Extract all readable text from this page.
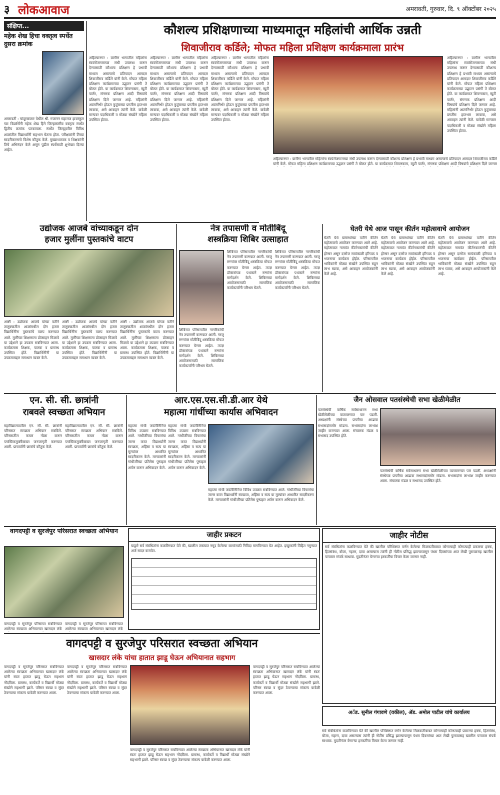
३ लोकआवाज	अमरावती, गुरुवार, दि. ९ ऑक्टोंबर २०२५
संक्षिप्त...
महेक शेख हिचा वक्तृत्व स्पर्धेत
दुसरा क्रमांक
अमरावती : चांदूरबाजार येथील श्री. गजानन महाराज हायस्कूल च्या विद्यार्थिनी महेक शेख हिने जिल्हास्तरीय वक्तृत्व स्पर्धेत द्वितीय क्रमांक पटकावला. स्पर्धेत जिल्ह्यातील विविध शाळांतील विद्यार्थ्यांनी सहभाग घेतला होता. परीक्षकांनी तिच्या सादरीकरणाचे विशेष कौतुक केले. मुख्याध्यापक व शिक्षकांनी तिचे अभिनंदन केले असून पुढील स्पर्धेसाठी शुभेच्छा दिल्या आहेत.
कौशल्य प्रशिक्षणाच्या माध्यमातून महिलांची आर्थिक उन्नती
शिवाजीराव कर्डिले; मोफत महिला प्रशिक्षण कार्यक्रमाला प्रारंभ
अहिल्यानगर : ग्रामीण भागातील महिलांना स्वयंरोजगाराच्या संधी उपलब्ध करून देण्यासाठी कौशल्य प्रशिक्षण हे प्रभावी माध्यम असल्याचे प्रतिपादन आमदार शिवाजीराव कर्डिले यांनी केले. मोफत महिला प्रशिक्षण कार्यक्रमाच्या उद्घाटन प्रसंगी ते बोलत होते. या कार्यक्रमात शिवणकाम, ब्युटी पार्लर, संगणक प्रशिक्षण आदी विषयांचे प्रशिक्षण दिले जाणार आहे. महिलांनी आत्मनिर्भर होऊन कुटुंबाच्या प्रगतीस हातभार लावावा, असे आवाहन त्यांनी केले. यावेळी मान्यवर पदाधिकारी व मोठ्या संख्येने महिला उपस्थित होत्या.
अहिल्यानगर : ग्रामीण भागातील महिलांना स्वयंरोजगाराच्या संधी उपलब्ध करून देण्यासाठी कौशल्य प्रशिक्षण हे प्रभावी माध्यम असल्याचे प्रतिपादन आमदार शिवाजीराव कर्डिले यांनी केले. मोफत महिला प्रशिक्षण कार्यक्रमाच्या उद्घाटन प्रसंगी ते बोलत होते. या कार्यक्रमात शिवणकाम, ब्युटी पार्लर, संगणक प्रशिक्षण आदी विषयांचे प्रशिक्षण दिले जाणार आहे. महिलांनी आत्मनिर्भर होऊन कुटुंबाच्या प्रगतीस हातभार लावावा, असे आवाहन त्यांनी केले. यावेळी मान्यवर पदाधिकारी व मोठ्या संख्येने महिला उपस्थित होत्या.
अहिल्यानगर : ग्रामीण भागातील महिलांना स्वयंरोजगाराच्या संधी उपलब्ध करून देण्यासाठी कौशल्य प्रशिक्षण हे प्रभावी माध्यम असल्याचे प्रतिपादन आमदार शिवाजीराव कर्डिले यांनी केले. मोफत महिला प्रशिक्षण कार्यक्रमाच्या उद्घाटन प्रसंगी ते बोलत होते. या कार्यक्रमात शिवणकाम, ब्युटी पार्लर, संगणक प्रशिक्षण आदी विषयांचे प्रशिक्षण दिले जाणार आहे. महिलांनी आत्मनिर्भर होऊन कुटुंबाच्या प्रगतीस हातभार लावावा, असे आवाहन त्यांनी केले. यावेळी मान्यवर पदाधिकारी व मोठ्या संख्येने महिला उपस्थित होत्या.
अहिल्यानगर : ग्रामीण भागातील महिलांना स्वयंरोजगाराच्या संधी उपलब्ध करून देण्यासाठी कौशल्य प्रशिक्षण हे प्रभावी माध्यम असल्याचे प्रतिपादन आमदार शिवाजीराव कर्डिले यांनी केले. मोफत महिला प्रशिक्षण कार्यक्रमाच्या उद्घाटन प्रसंगी ते बोलत होते. या कार्यक्रमात शिवणकाम, ब्युटी पार्लर, संगणक प्रशिक्षण आदी विषयांचे प्रशिक्षण दिले जाणार आहे. महिलांनी आत्मनिर्भर होऊन कुटुंबाच्या प्रगतीस हातभार लावावा, असे आवाहन त्यांनी केले. यावेळी मान्यवर पदाधिकारी व मोठ्या संख्येने महिला उपस्थित होत्या.
अहिल्यानगर : ग्रामीण भागातील महिलांना स्वयंरोजगाराच्या संधी उपलब्ध करून देण्यासाठी कौशल्य प्रशिक्षण हे प्रभावी माध्यम असल्याचे प्रतिपादन आमदार शिवाजीराव कर्डिले यांनी केले. मोफत महिला प्रशिक्षण कार्यक्रमाच्या उद्घाटन प्रसंगी ते बोलत होते. या कार्यक्रमात शिवणकाम, ब्युटी पार्लर, संगणक प्रशिक्षण आदी विषयांचे प्रशिक्षण दिले जाणार
उद्योजक आजबे वांच्याकडून दोन
हजार मुलींना पुस्तकांचे वाटप
आष्टी : उद्योजक आजबे यांच्या वतीने तालुक्यातील शाळांमधील दोन हजार विद्यार्थिनींना पुस्तकांचे वाटप करण्यात आले. मुलींच्या शिक्षणाला प्रोत्साहन मिळावे या उद्देशाने हा उपक्रम राबविण्यात आला. कार्यक्रमास शिक्षक, पालक व ग्रामस्थ उपस्थित होते. विद्यार्थिनींनी या उपक्रमाबद्दल समाधान व्यक्त केले.
आष्टी : उद्योजक आजबे यांच्या वतीने तालुक्यातील शाळांमधील दोन हजार विद्यार्थिनींना पुस्तकांचे वाटप करण्यात आले. मुलींच्या शिक्षणाला प्रोत्साहन मिळावे या उद्देशाने हा उपक्रम राबविण्यात आला. कार्यक्रमास शिक्षक, पालक व ग्रामस्थ उपस्थित होते. विद्यार्थिनींनी या उपक्रमाबद्दल समाधान व्यक्त केले.
आष्टी : उद्योजक आजबे यांच्या वतीने तालुक्यातील शाळांमधील दोन हजार विद्यार्थिनींना पुस्तकांचे वाटप करण्यात आले. मुलींच्या शिक्षणाला प्रोत्साहन मिळावे या उद्देशाने हा उपक्रम राबविण्यात आला. कार्यक्रमास शिक्षक, पालक व ग्रामस्थ उपस्थित होते. विद्यार्थिनींनी या उपक्रमाबद्दल समाधान व्यक्त केले.
नेत्र तपासणी व मोतीबिंदू
शस्त्रक्रिया शिबिर उत्साहात
शिबिरात परिसरातील नागरिकांची नेत्र तपासणी करण्यात आली. गरजू रुग्णांवर मोतीबिंदू शस्त्रक्रिया मोफत करण्यात येणार आहेत. तज्ज्ञ डॉक्टरांच्या पथकाने रुग्णांना मार्गदर्शन केले. शिबिराच्या आयोजनासाठी सामाजिक कार्यकर्त्यांनी परिश्रम घेतले.
शिबिरात परिसरातील नागरिकांची नेत्र तपासणी करण्यात आली. गरजू रुग्णांवर मोतीबिंदू शस्त्रक्रिया मोफत करण्यात येणार आहेत. तज्ज्ञ डॉक्टरांच्या पथकाने रुग्णांना मार्गदर्शन केले. शिबिराच्या आयोजनासाठी सामाजिक कार्यकर्त्यांनी परिश्रम घेतले.
शिबिरात परिसरातील नागरिकांची नेत्र तपासणी करण्यात आली. गरजू रुग्णांवर मोतीबिंदू शस्त्रक्रिया मोफत करण्यात येणार आहेत. तज्ज्ञ डॉक्टरांच्या पथकाने रुग्णांना मार्गदर्शन केले. शिबिराच्या आयोजनासाठी सामाजिक कार्यकर्त्यांनी परिश्रम घेतले.
घेतरी येथे आज पासून कीर्तन महोत्सवाचे आयोजन
घेतरी येथे ग्रामस्थांच्या वतीने कीर्तन महोत्सवाचे आयोजन करण्यात आले आहे. महोत्सवात नामवंत कीर्तनकारांची कीर्तने होणार असून दररोज सायंकाळी हरिपाठ व भजनाचा कार्यक्रम होईल. परिसरातील भाविकांनी मोठ्या संख्येने उपस्थित राहून लाभ घ्यावा, असे आवाहन आयोजकांनी केले आहे.
घेतरी येथे ग्रामस्थांच्या वतीने कीर्तन महोत्सवाचे आयोजन करण्यात आले आहे. महोत्सवात नामवंत कीर्तनकारांची कीर्तने होणार असून दररोज सायंकाळी हरिपाठ व भजनाचा कार्यक्रम होईल. परिसरातील भाविकांनी मोठ्या संख्येने उपस्थित राहून लाभ घ्यावा, असे आवाहन आयोजकांनी केले आहे.
घेतरी येथे ग्रामस्थांच्या वतीने कीर्तन महोत्सवाचे आयोजन करण्यात आले आहे. महोत्सवात नामवंत कीर्तनकारांची कीर्तने होणार असून दररोज सायंकाळी हरिपाठ व भजनाचा कार्यक्रम होईल. परिसरातील भाविकांनी मोठ्या संख्येने उपस्थित राहून लाभ घ्यावा, असे आवाहन आयोजकांनी केले आहे.
एन. सी. सी. छात्रांनी
राबवले स्वच्छता अभियान
महाविद्यालयातील एन. सी. सी. छात्रांनी परिसरात स्वच्छता अभियान राबविले. परिसरातील कचरा गोळा करून प्लास्टिकमुक्तीबाबत जनजागृती करण्यात आली. प्राचार्यांनी छात्रांचे कौतुक केले.
महाविद्यालयातील एन. सी. सी. छात्रांनी परिसरात स्वच्छता अभियान राबविले. परिसरातील कचरा गोळा करून प्लास्टिकमुक्तीबाबत जनजागृती करण्यात आली. प्राचार्यांनी छात्रांचे कौतुक केले.
आर.एस.एस.सी.डी.आर येथे
महात्मा गांधींच्या कार्यास अभिवादन
महात्मा गांधी जयंतीनिमित्त विविध उपक्रम राबविण्यात आले. गांधीजींच्या विचारांचा जागर करत विद्यार्थ्यांनी स्वच्छता, अहिंसा व सत्य या मूल्यांवर आधारित सादरीकरण केले. मान्यवरांनी गांधीजींच्या प्रतिमेस पुष्पहार अर्पण करून अभिवादन केले.
महात्मा गांधी जयंतीनिमित्त विविध उपक्रम राबविण्यात आले. गांधीजींच्या विचारांचा जागर करत विद्यार्थ्यांनी स्वच्छता, अहिंसा व सत्य या मूल्यांवर आधारित सादरीकरण केले. मान्यवरांनी गांधीजींच्या प्रतिमेस पुष्पहार अर्पण करून अभिवादन केले.
महात्मा गांधी जयंतीनिमित्त विविध उपक्रम राबविण्यात आले. गांधीजींच्या विचारांचा जागर करत विद्यार्थ्यांनी स्वच्छता, अहिंसा व सत्य या मूल्यांवर आधारित सादरीकरण केले. मान्यवरांनी गांधीजींच्या प्रतिमेस पुष्पहार अर्पण करून अभिवादन केले.
जैन ओसवाल पतसंस्थेची सभा खेळीमेळीत
पतसंस्थेची वार्षिक सर्वसाधारण सभा खेळीमेळीच्या वातावरणात पार पडली. अध्यक्षांनी संस्थेच्या प्रगतीचा आढावा सभासदांसमोर मांडला. सभासदांना लाभांश जाहीर करण्यात आला. संचालक मंडळ व सभासद उपस्थित होते.
पतसंस्थेची वार्षिक सर्वसाधारण सभा खेळीमेळीच्या वातावरणात पार पडली. अध्यक्षांनी संस्थेच्या प्रगतीचा आढावा सभासदांसमोर मांडला. सभासदांना लाभांश जाहीर करण्यात आला. संचालक मंडळ व सभासद उपस्थित होते.
जाहीर प्रकटन
याद्वारे सर्व संबंधितांना कळविण्यात येते की, खालील तक्त्यात नमूद केलेल्या कामांसाठी निविदा मागविण्यात येत आहेत. इच्छुकांनी विहित नमुन्यात अर्ज सादर करावेत.
जाहीर नोटीस
सर्व संबंधितांना कळविण्यात येते की खालील परिशिष्टात वर्णन केलेल्या मिळकतीबाबत कोणाचाही कोणत्याही प्रकारचा हक्क, हितसंबंध, बोजा, गहाण, दावा असल्यास त्यांनी ही नोटीस प्रसिद्ध झाल्यापासून पंधरा दिवसांच्या आत लेखी पुराव्यासह खालील पत्त्यावर संपर्क साधावा. मुदतीनंतर येणाऱ्या हरकतींचा विचार केला जाणार नाही.
अॅड. सुनील गंगावणे (वकील), ॲड. अमोल पाटील यांचे कार्यालय
वागदपट्टी व सुरजेपुर परिसरात स्वच्छता अभियान
वागदपट्टी व सुरजेपुर परिसरात राबविण्यात आलेल्या स्वच्छता अभियानात खासदार लंके
वागदपट्टी व सुरजेपुर परिसरात राबविण्यात आलेल्या स्वच्छता अभियानात खासदार लंके
वागदपट्टी व सुरजेपुर परिसरात स्वच्छता अभियान
खासदार लंके यांचा हातात झाडू घेऊन अभियानात सहभाग
वागदपट्टी व सुरजेपुर परिसरात राबविण्यात आलेल्या स्वच्छता अभियानात खासदार लंके यांनी स्वतः हातात झाडू घेऊन सहभाग नोंदविला. ग्रामस्थ, कार्यकर्ते व विद्यार्थी मोठ्या संख्येने सहभागी झाले. परिसर स्वच्छ व सुंदर ठेवण्याचा संकल्प यावेळी करण्यात आला.
वागदपट्टी व सुरजेपुर परिसरात राबविण्यात आलेल्या स्वच्छता अभियानात खासदार लंके यांनी स्वतः हातात झाडू घेऊन सहभाग नोंदविला. ग्रामस्थ, कार्यकर्ते व विद्यार्थी मोठ्या संख्येने सहभागी झाले. परिसर स्वच्छ व सुंदर ठेवण्याचा संकल्प यावेळी करण्यात आला.
वागदपट्टी व सुरजेपुर परिसरात राबविण्यात आलेल्या स्वच्छता अभियानात खासदार लंके यांनी स्वतः हातात झाडू घेऊन सहभाग नोंदविला. ग्रामस्थ, कार्यकर्ते व विद्यार्थी मोठ्या संख्येने सहभागी झाले. परिसर स्वच्छ व सुंदर ठेवण्याचा संकल्प यावेळी करण्यात आला.
वागदपट्टी व सुरजेपुर परिसरात राबविण्यात आलेल्या स्वच्छता अभियानात खासदार लंके यांनी स्वतः हातात झाडू घेऊन सहभाग नोंदविला. ग्रामस्थ, कार्यकर्ते व विद्यार्थी मोठ्या संख्येने सहभागी झाले. परिसर स्वच्छ व सुंदर ठेवण्याचा संकल्प यावेळी करण्यात आला.
सर्व संबंधितांना कळविण्यात येते की खालील परिशिष्टात वर्णन केलेल्या मिळकतीबाबत कोणाचाही कोणत्याही प्रकारचा हक्क, हितसंबंध, बोजा, गहाण, दावा असल्यास त्यांनी ही नोटीस प्रसिद्ध झाल्यापासून पंधरा दिवसांच्या आत लेखी पुराव्यासह खालील पत्त्यावर संपर्क साधावा. मुदतीनंतर येणाऱ्या हरकतींचा विचार केला जाणार नाही.
